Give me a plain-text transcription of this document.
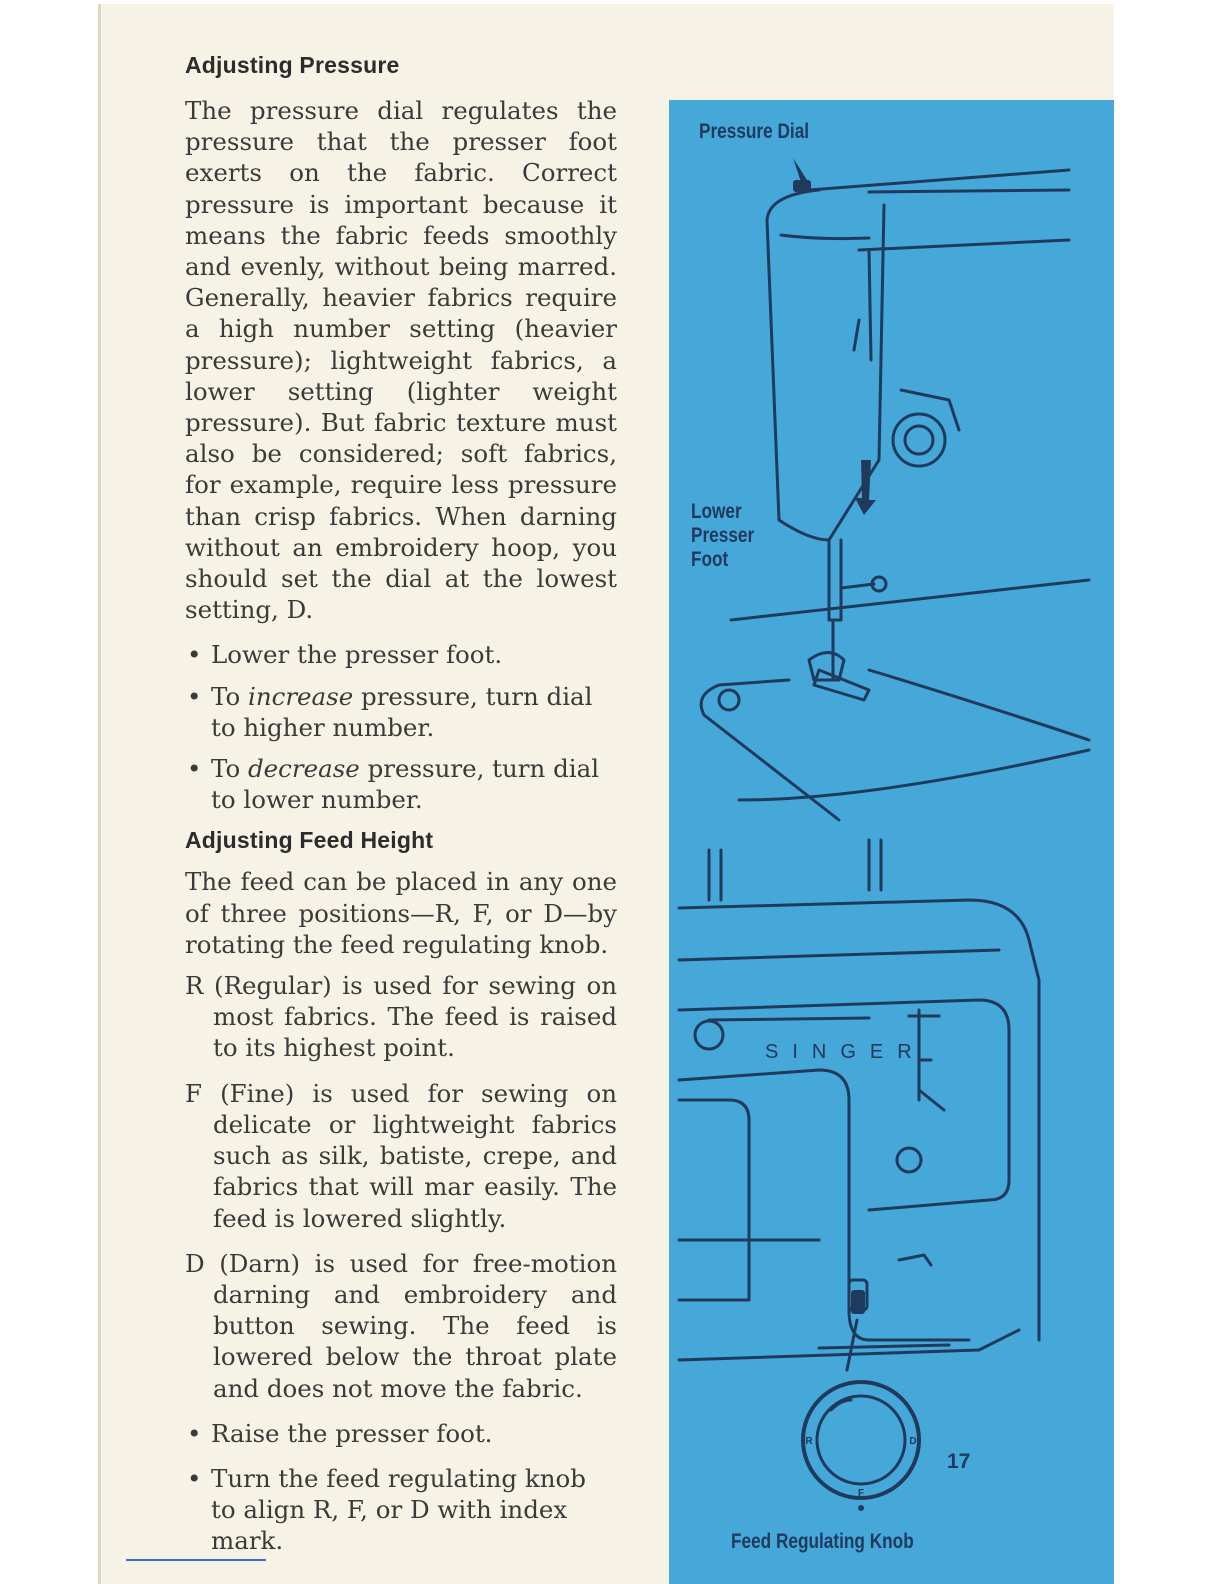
Adjusting Pressure

The pressure dial regulates the pressure that the presser foot exerts on the fabric. Correct pressure is important because it means the fabric feeds smoothly and evenly, without being marred. Generally, heavier fabrics require a high number setting (heavier pressure); lightweight fabrics, a lower setting (lighter weight pressure). But fabric texture must also be considered; soft fabrics, for example, require less pressure than crisp fabrics. When darning without an embroidery hoop, you should set the dial at the lowest setting, D.

• Lower the presser foot.
• To increase pressure, turn dial to higher number.
• To decrease pressure, turn dial to lower number.
Adjusting Feed Height

The feed can be placed in any one of three positions—R, F, or D—by rotating the feed regulating knob.

R (Regular) is used for sewing on most fabrics. The feed is raised to its highest point.
F (Fine) is used for sewing on delicate or lightweight fabrics such as silk, batiste, crepe, and fabrics that will mar easily. The feed is lowered slightly.
D (Darn) is used for free-motion darning and embroidery and button sewing. The feed is lowered below the throat plate and does not move the fabric.
• Raise the presser foot.
• Turn the feed regulating knob to align R, F, or D with index mark.
R	D
F
SINGER
Pressure Dial
Lower
Presser
Foot
Feed Regulating Knob
17
